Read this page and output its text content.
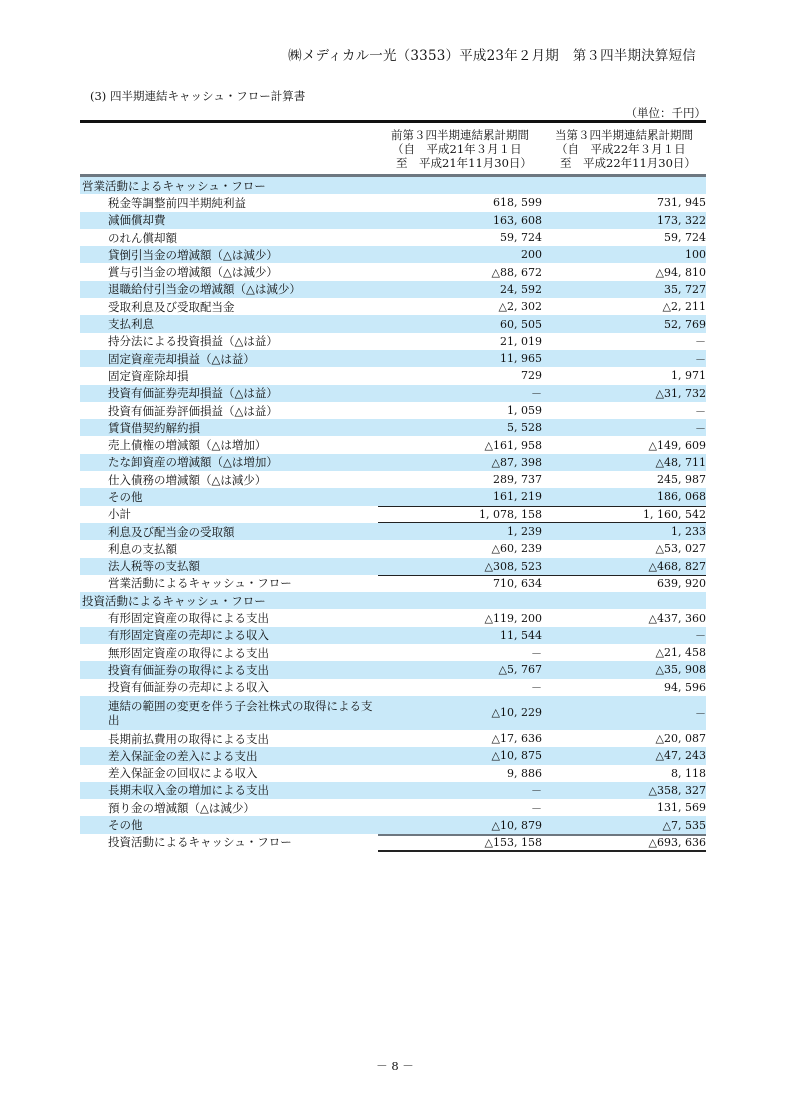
㈱メディカル一光（3353）平成23年２月期　第３四半期決算短信
(3) 四半期連結キャッシュ・フロー計算書
（単位：千円）
前第３四半期連結累計期間
（自　平成21年３月１日
至　平成21年11月30日）
当第３四半期連結累計期間
（自　平成22年３月１日
至　平成22年11月30日）
営業活動によるキャッシュ・フロー
税金等調整前四半期純利益	618, 599	731, 945
減価償却費	163, 608	173, 322
のれん償却額	59, 724	59, 724
貸倒引当金の増減額（△は減少）	200	100
賞与引当金の増減額（△は減少）	△88, 672	△94, 810
退職給付引当金の増減額（△は減少）	24, 592	35, 727
受取利息及び受取配当金	△2, 302	△2, 211
支払利息	60, 505	52, 769
持分法による投資損益（△は益）	21, 019	－
固定資産売却損益（△は益）	11, 965	－
固定資産除却損	729	1, 971
投資有価証券売却損益（△は益）	－	△31, 732
投資有価証券評価損益（△は益）	1, 059	－
賃貸借契約解約損	5, 528	－
売上債権の増減額（△は増加）	△161, 958	△149, 609
たな卸資産の増減額（△は増加）	△87, 398	△48, 711
仕入債務の増減額（△は減少）	289, 737	245, 987
その他	161, 219	186, 068
小計	1, 078, 158	1, 160, 542
利息及び配当金の受取額	1, 239	1, 233
利息の支払額	△60, 239	△53, 027
法人税等の支払額	△308, 523	△468, 827
営業活動によるキャッシュ・フロー	710, 634	639, 920
投資活動によるキャッシュ・フロー
有形固定資産の取得による支出	△119, 200	△437, 360
有形固定資産の売却による収入	11, 544	－
無形固定資産の取得による支出	－	△21, 458
投資有価証券の取得による支出	△5, 767	△35, 908
投資有価証券の売却による収入	－	94, 596
連結の範囲の変更を伴う子会社株式の取得による支出	△10, 229	－
長期前払費用の取得による支出	△17, 636	△20, 087
差入保証金の差入による支出	△10, 875	△47, 243
差入保証金の回収による収入	9, 886	8, 118
長期未収入金の増加による支出	－	△358, 327
預り金の増減額（△は減少）	－	131, 569
その他	△10, 879	△7, 535
投資活動によるキャッシュ・フロー	△153, 158	△693, 636
－ 8 －
